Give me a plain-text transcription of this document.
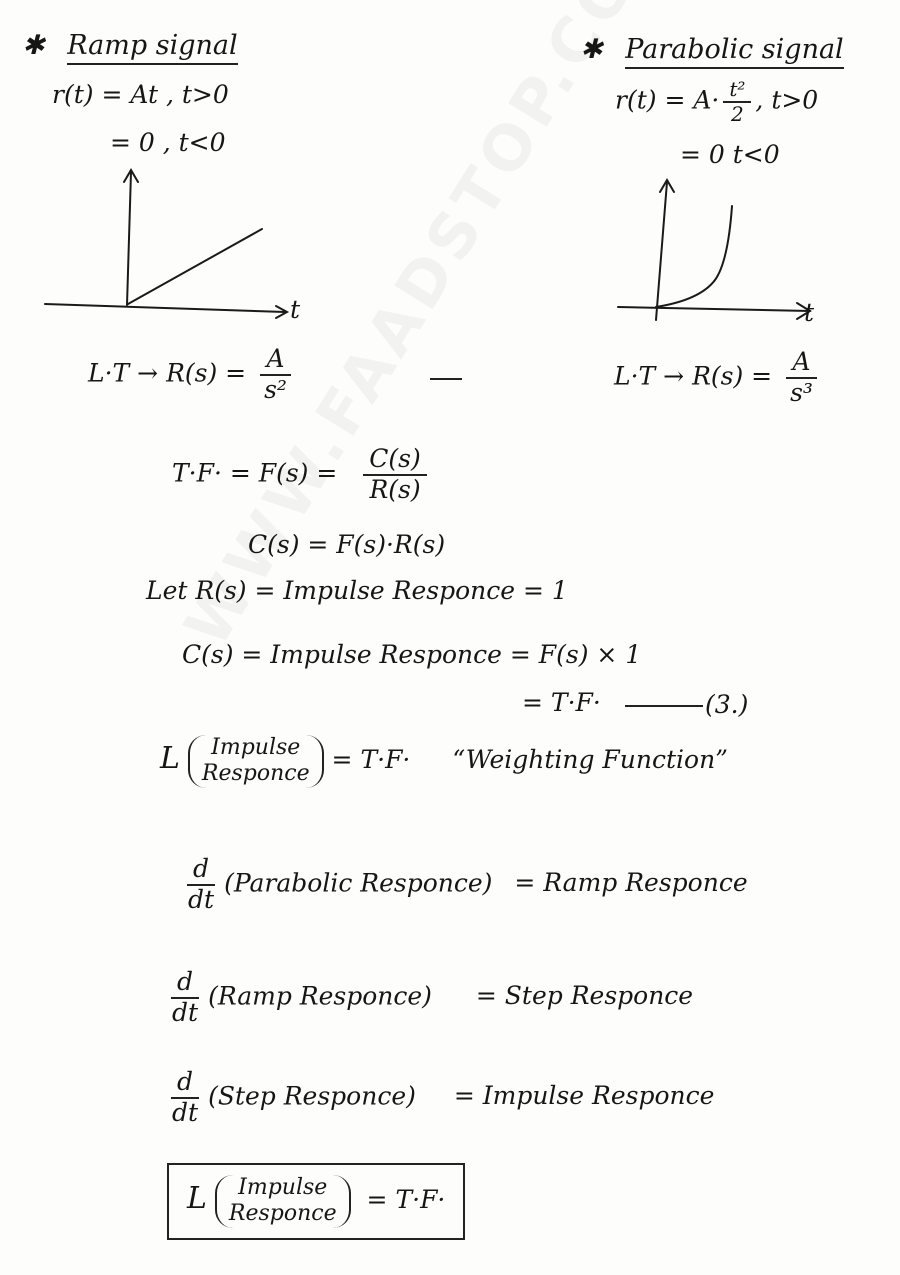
✱ Ramp signal
r(t) = At , t>0
= 0 , t<0
t
$L\cdot T \to R(s) = \frac{A}{\text{s²}}$
✱ Parabolic signal
$r(t) = A\cdot \frac{\text{t²}}{2}$ , t>0
= 0 t<0
t
$L\cdot T \to R(s) = \frac{A}{\text{s³}}$
$T\cdot F\cdot = F(s) = \frac{C(s)}{R(s)}$
C(s) = F(s)·R(s)
Let R(s) = Impulse Responce = 1
C(s) = Impulse Responce = F(s) × 1
= T·F·	(3.)
L Impulse
Responce = T·F· “Weighting Function”
$\frac{d}{dt}$ (Parabolic Responce) = Ramp Responce
$\frac{d}{dt}$ (Ramp Responce) = Step Responce
$\frac{d}{dt}$ (Step Responce) = Impulse Responce
L Impulse
Responce = T·F·
